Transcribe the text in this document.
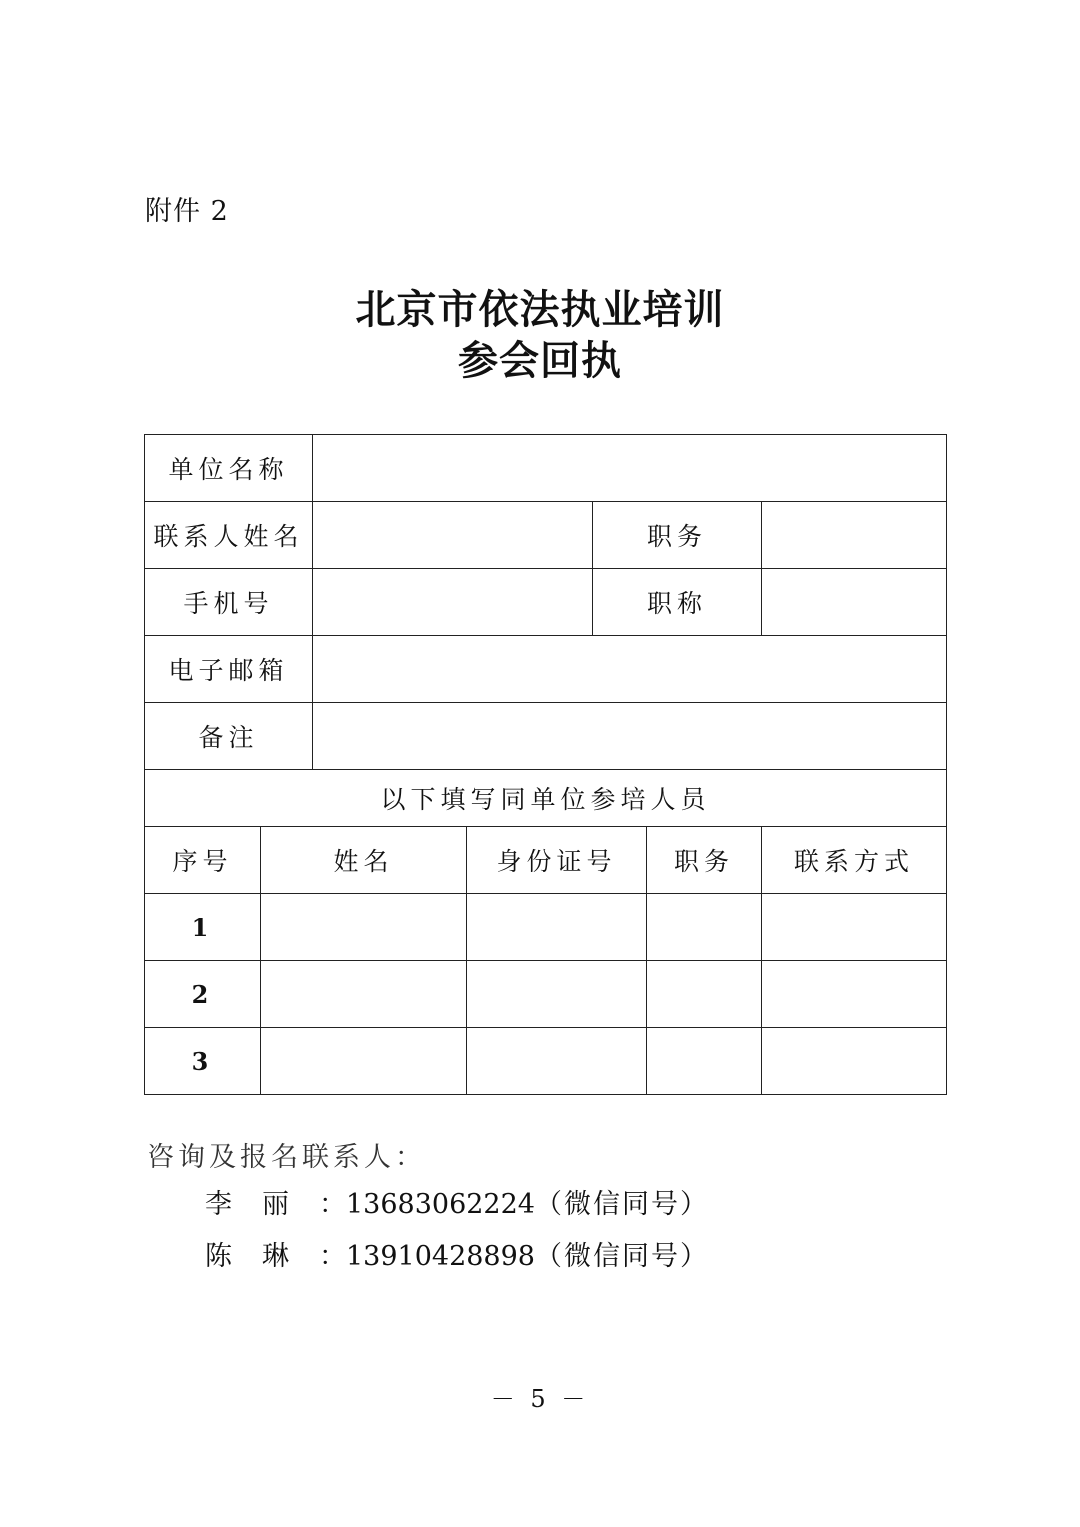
附件 2
北京市依法执业培训
参会回执
单位名称						
联系人姓名				职务		
手机号				职称		
电子邮箱						
备注						
以下填写同单位参培人员						
序号	姓名		身份证号		职务	联系方式
1						
2						
3						
咨询及报名联系人：
李丽：13683062224（微信同号）
陈琳：13910428898（微信同号）
－ 5 －
